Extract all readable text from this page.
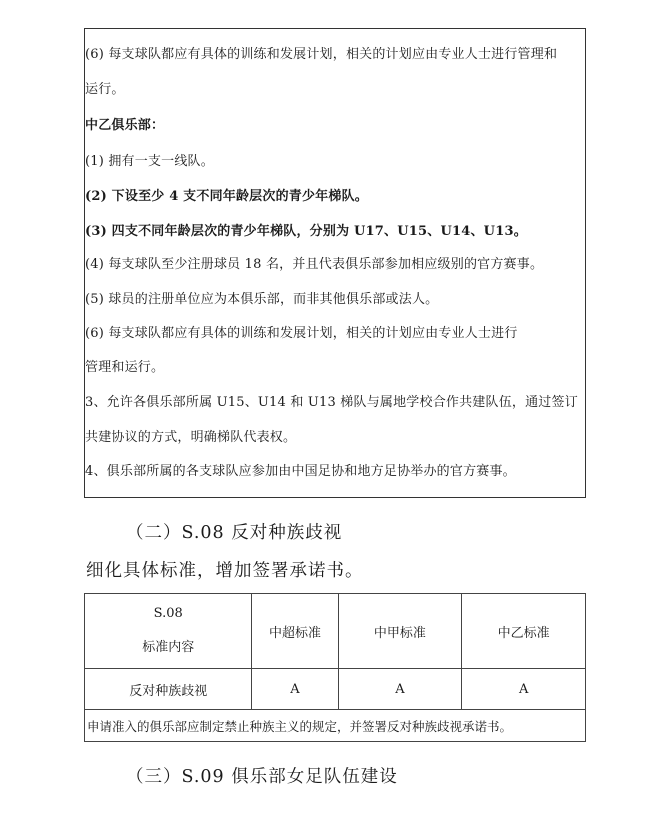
(6) 每支球队都应有具体的训练和发展计划，相关的计划应由专业人士进行管理和
运行。
中乙俱乐部：
(1) 拥有一支一线队。
(2) 下设至少 4 支不同年龄层次的青少年梯队。
(3) 四支不同年龄层次的青少年梯队，分别为 U17、U15、U14、U13。
(4) 每支球队至少注册球员 18 名，并且代表俱乐部参加相应级别的官方赛事。
(5) 球员的注册单位应为本俱乐部，而非其他俱乐部或法人。
(6) 每支球队都应有具体的训练和发展计划，相关的计划应由专业人士进行
管理和运行。
3、允许各俱乐部所属 U15、U14 和 U13 梯队与属地学校合作共建队伍，通过签订
共建协议的方式，明确梯队代表权。
4、俱乐部所属的各支球队应参加由中国足协和地方足协举办的官方赛事。
（二）S.08 反对种族歧视
细化具体标准，增加签署承诺书。
S.08
标准内容	中超标准	中甲标准	中乙标准
反对种族歧视	A	A	A
申请准入的俱乐部应制定禁止种族主义的规定，并签署反对种族歧视承诺书。			
（三）S.09 俱乐部女足队伍建设
